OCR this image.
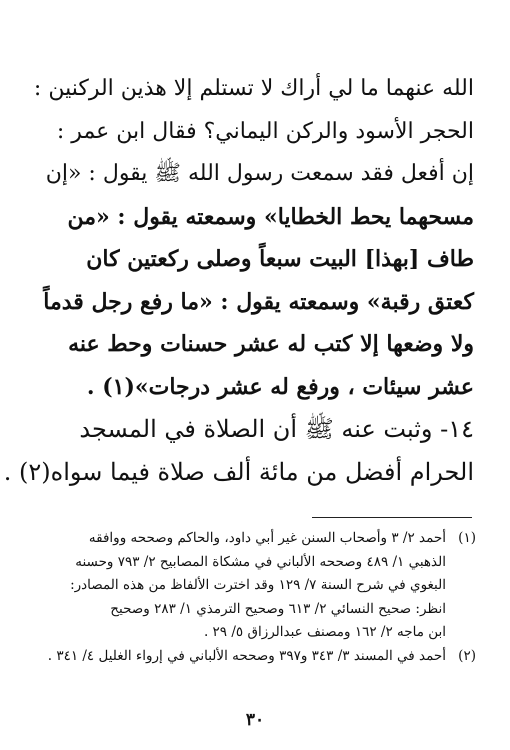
الله عنهما ما لي أراك لا تستلم إلا هذين الركنين :
الحجر الأسود والركن اليماني؟ فقال ابن عمر :
إن أفعل فقد سمعت رسول الله ﷺ يقول : «إن
مسحهما يحط الخطايا» وسمعته يقول : «من
طاف [بهذا] البيت سبعاً وصلى ركعتين كان
كعتق رقبة» وسمعته يقول : «ما رفع رجل قدماً
ولا وضعها إلا كتب له عشر حسنات وحط عنه
عشر سيئات ، ورفع له عشر درجات»(١) .
١٤- وثبت عنه ﷺ أن الصلاة في المسجد
الحرام أفضل من مائة ألف صلاة فيما سواه(٢) .
(١)أحمد ٢/ ٣ وأصحاب السنن غير أبي داود، والحاكم وصححه ووافقه
الذهبي ١/ ٤٨٩ وصححه الألباني في مشكاة المصابيح ٢/ ٧٩٣ وحسنه
البغوي في شرح السنة ٧/ ١٢٩ وقد اخترت الألفاظ من هذه المصادر:
انظر: صحيح النسائي ٢/ ٦١٣ وصحيح الترمذي ١/ ٢٨٣ وصحيح
ابن ماجه ٢/ ١٦٢ ومصنف عبدالرزاق ٥/ ٢٩ .
(٢)أحمد في المسند ٣/ ٣٤٣ و٣٩٧ وصححه الألباني في إرواء الغليل ٤/ ٣٤١ .
٣٠
